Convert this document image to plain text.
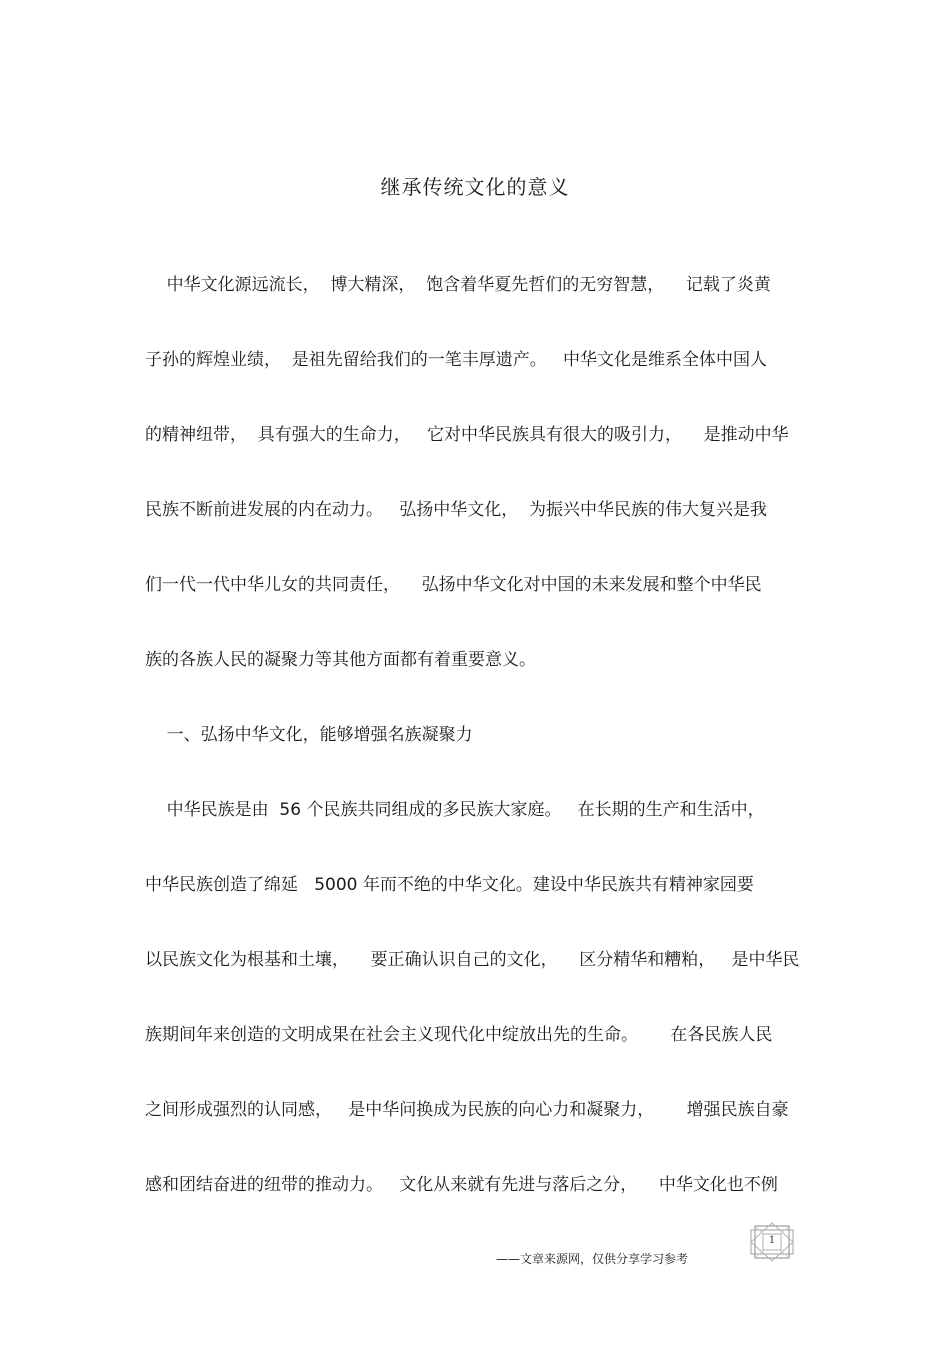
继承传统文化的意义
中华文化源远流长，  博大精深，  饱含着华夏先哲们的无穷智慧，    记载了炎黄
子孙的辉煌业绩，  是祖先留给我们的一笔丰厚遗产。   中华文化是维系全体中国人
的精神纽带，  具有强大的生命力，   它对中华民族具有很大的吸引力，    是推动中华
民族不断前进发展的内在动力。   弘扬中华文化，  为振兴中华民族的伟大复兴是我
们一代一代中华儿女的共同责任，    弘扬中华文化对中国的未来发展和整个中华民
族的各族人民的凝聚力等其他方面都有着重要意义。
一、弘扬中华文化，能够增强名族凝聚力
中华民族是由  56 个民族共同组成的多民族大家庭。   在长期的生产和生活中，
中华民族创造了绵延   5000 年而不绝的中华文化。建设中华民族共有精神家园要
以民族文化为根基和土壤，    要正确认识自己的文化，    区分精华和糟粕，   是中华民
族期间年来创造的文明成果在社会主义现代化中绽放出先的生命。      在各民族人民
之间形成强烈的认同感，   是中华问换成为民族的向心力和凝聚力，      增强民族自豪
感和团结奋进的纽带的推动力。   文化从来就有先进与落后之分，    中华文化也不例
——文章来源网，仅供分享学习参考
1
